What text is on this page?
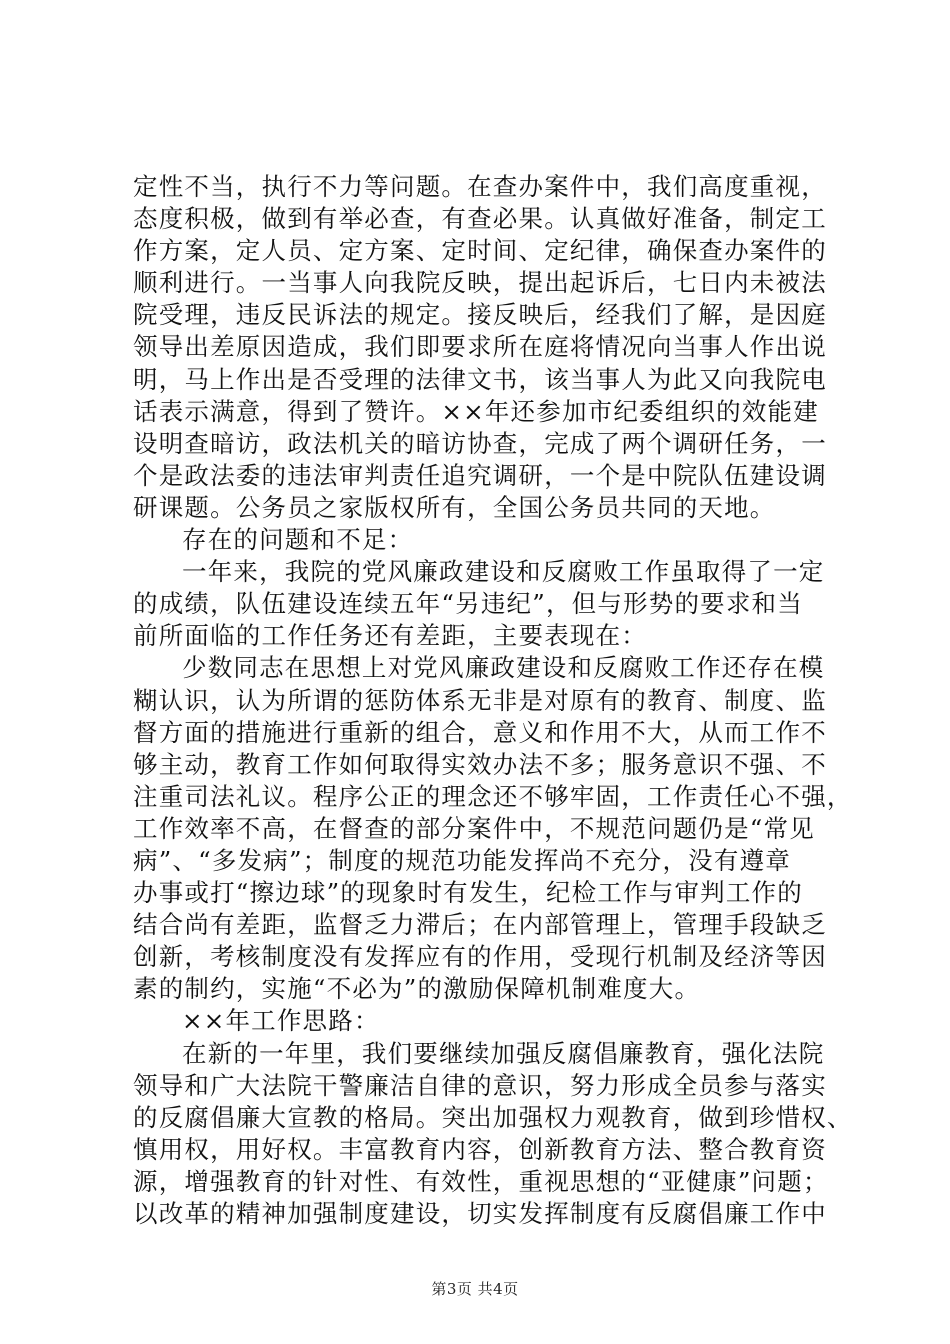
定性不当，执行不力等问题。在查办案件中，我们高度重视，
态度积极，做到有举必查，有查必果。认真做好准备，制定工
作方案，定人员、定方案、定时间、定纪律，确保查办案件的
顺利进行。一当事人向我院反映，提出起诉后，七日内未被法
院受理，违反民诉法的规定。接反映后，经我们了解，是因庭
领导出差原因造成，我们即要求所在庭将情况向当事人作出说
明，马上作出是否受理的法律文书，该当事人为此又向我院电
话表示满意，得到了赞许。××年还参加市纪委组织的效能建
设明查暗访，政法机关的暗访协查，完成了两个调研任务，一
个是政法委的违法审判责任追究调研，一个是中院队伍建设调
研课题。公务员之家版权所有，全国公务员共同的天地。
存在的问题和不足：
一年来，我院的党风廉政建设和反腐败工作虽取得了一定
的成绩，队伍建设连续五年“另违纪”，但与形势的要求和当
前所面临的工作任务还有差距，主要表现在：
少数同志在思想上对党风廉政建设和反腐败工作还存在模
糊认识，认为所谓的惩防体系无非是对原有的教育、制度、监
督方面的措施进行重新的组合，意义和作用不大，从而工作不
够主动，教育工作如何取得实效办法不多；服务意识不强、不
注重司法礼议。程序公正的理念还不够牢固，工作责任心不强，
工作效率不高，在督查的部分案件中，不规范问题仍是“常见
病”、“多发病”；制度的规范功能发挥尚不充分，没有遵章
办事或打“擦边球”的现象时有发生，纪检工作与审判工作的
结合尚有差距，监督乏力滞后；在内部管理上，管理手段缺乏
创新，考核制度没有发挥应有的作用，受现行机制及经济等因
素的制约，实施“不必为”的激励保障机制难度大。
××年工作思路：
在新的一年里，我们要继续加强反腐倡廉教育，强化法院
领导和广大法院干警廉洁自律的意识，努力形成全员参与落实
的反腐倡廉大宣教的格局。突出加强权力观教育，做到珍惜权、
慎用权，用好权。丰富教育内容，创新教育方法、整合教育资
源，增强教育的针对性、有效性，重视思想的“亚健康”问题；
以改革的精神加强制度建设，切实发挥制度有反腐倡廉工作中
第3页 共4页
